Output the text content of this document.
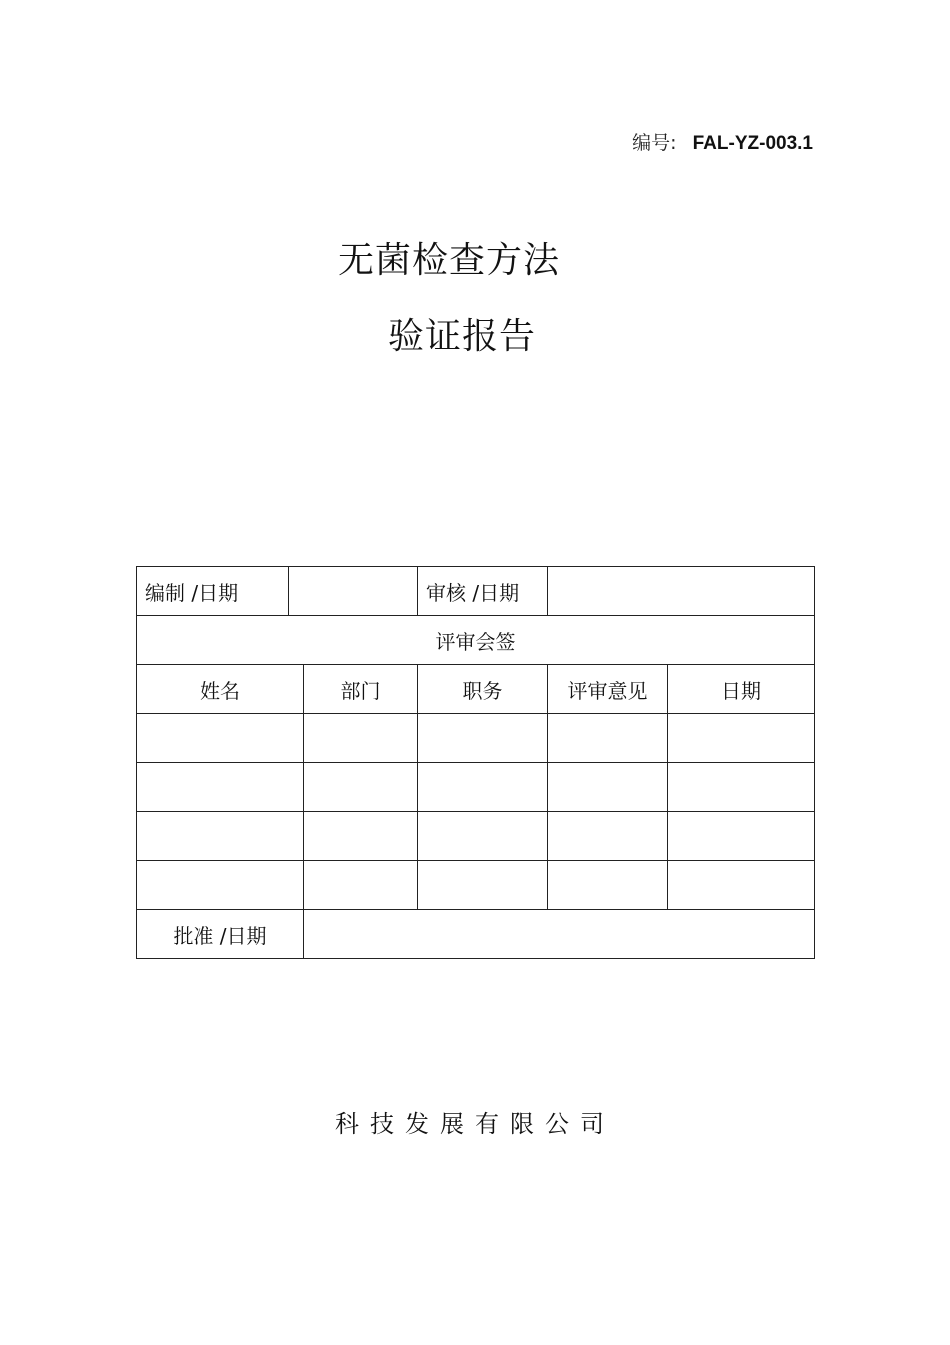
编号: FAL-YZ-003.1
无菌检查方法
验证报告
编制 /日期			审核 /日期		
评审会签					
姓名		部门	职务	评审意见	日期

批准 /日期					
科技发展有限公司
